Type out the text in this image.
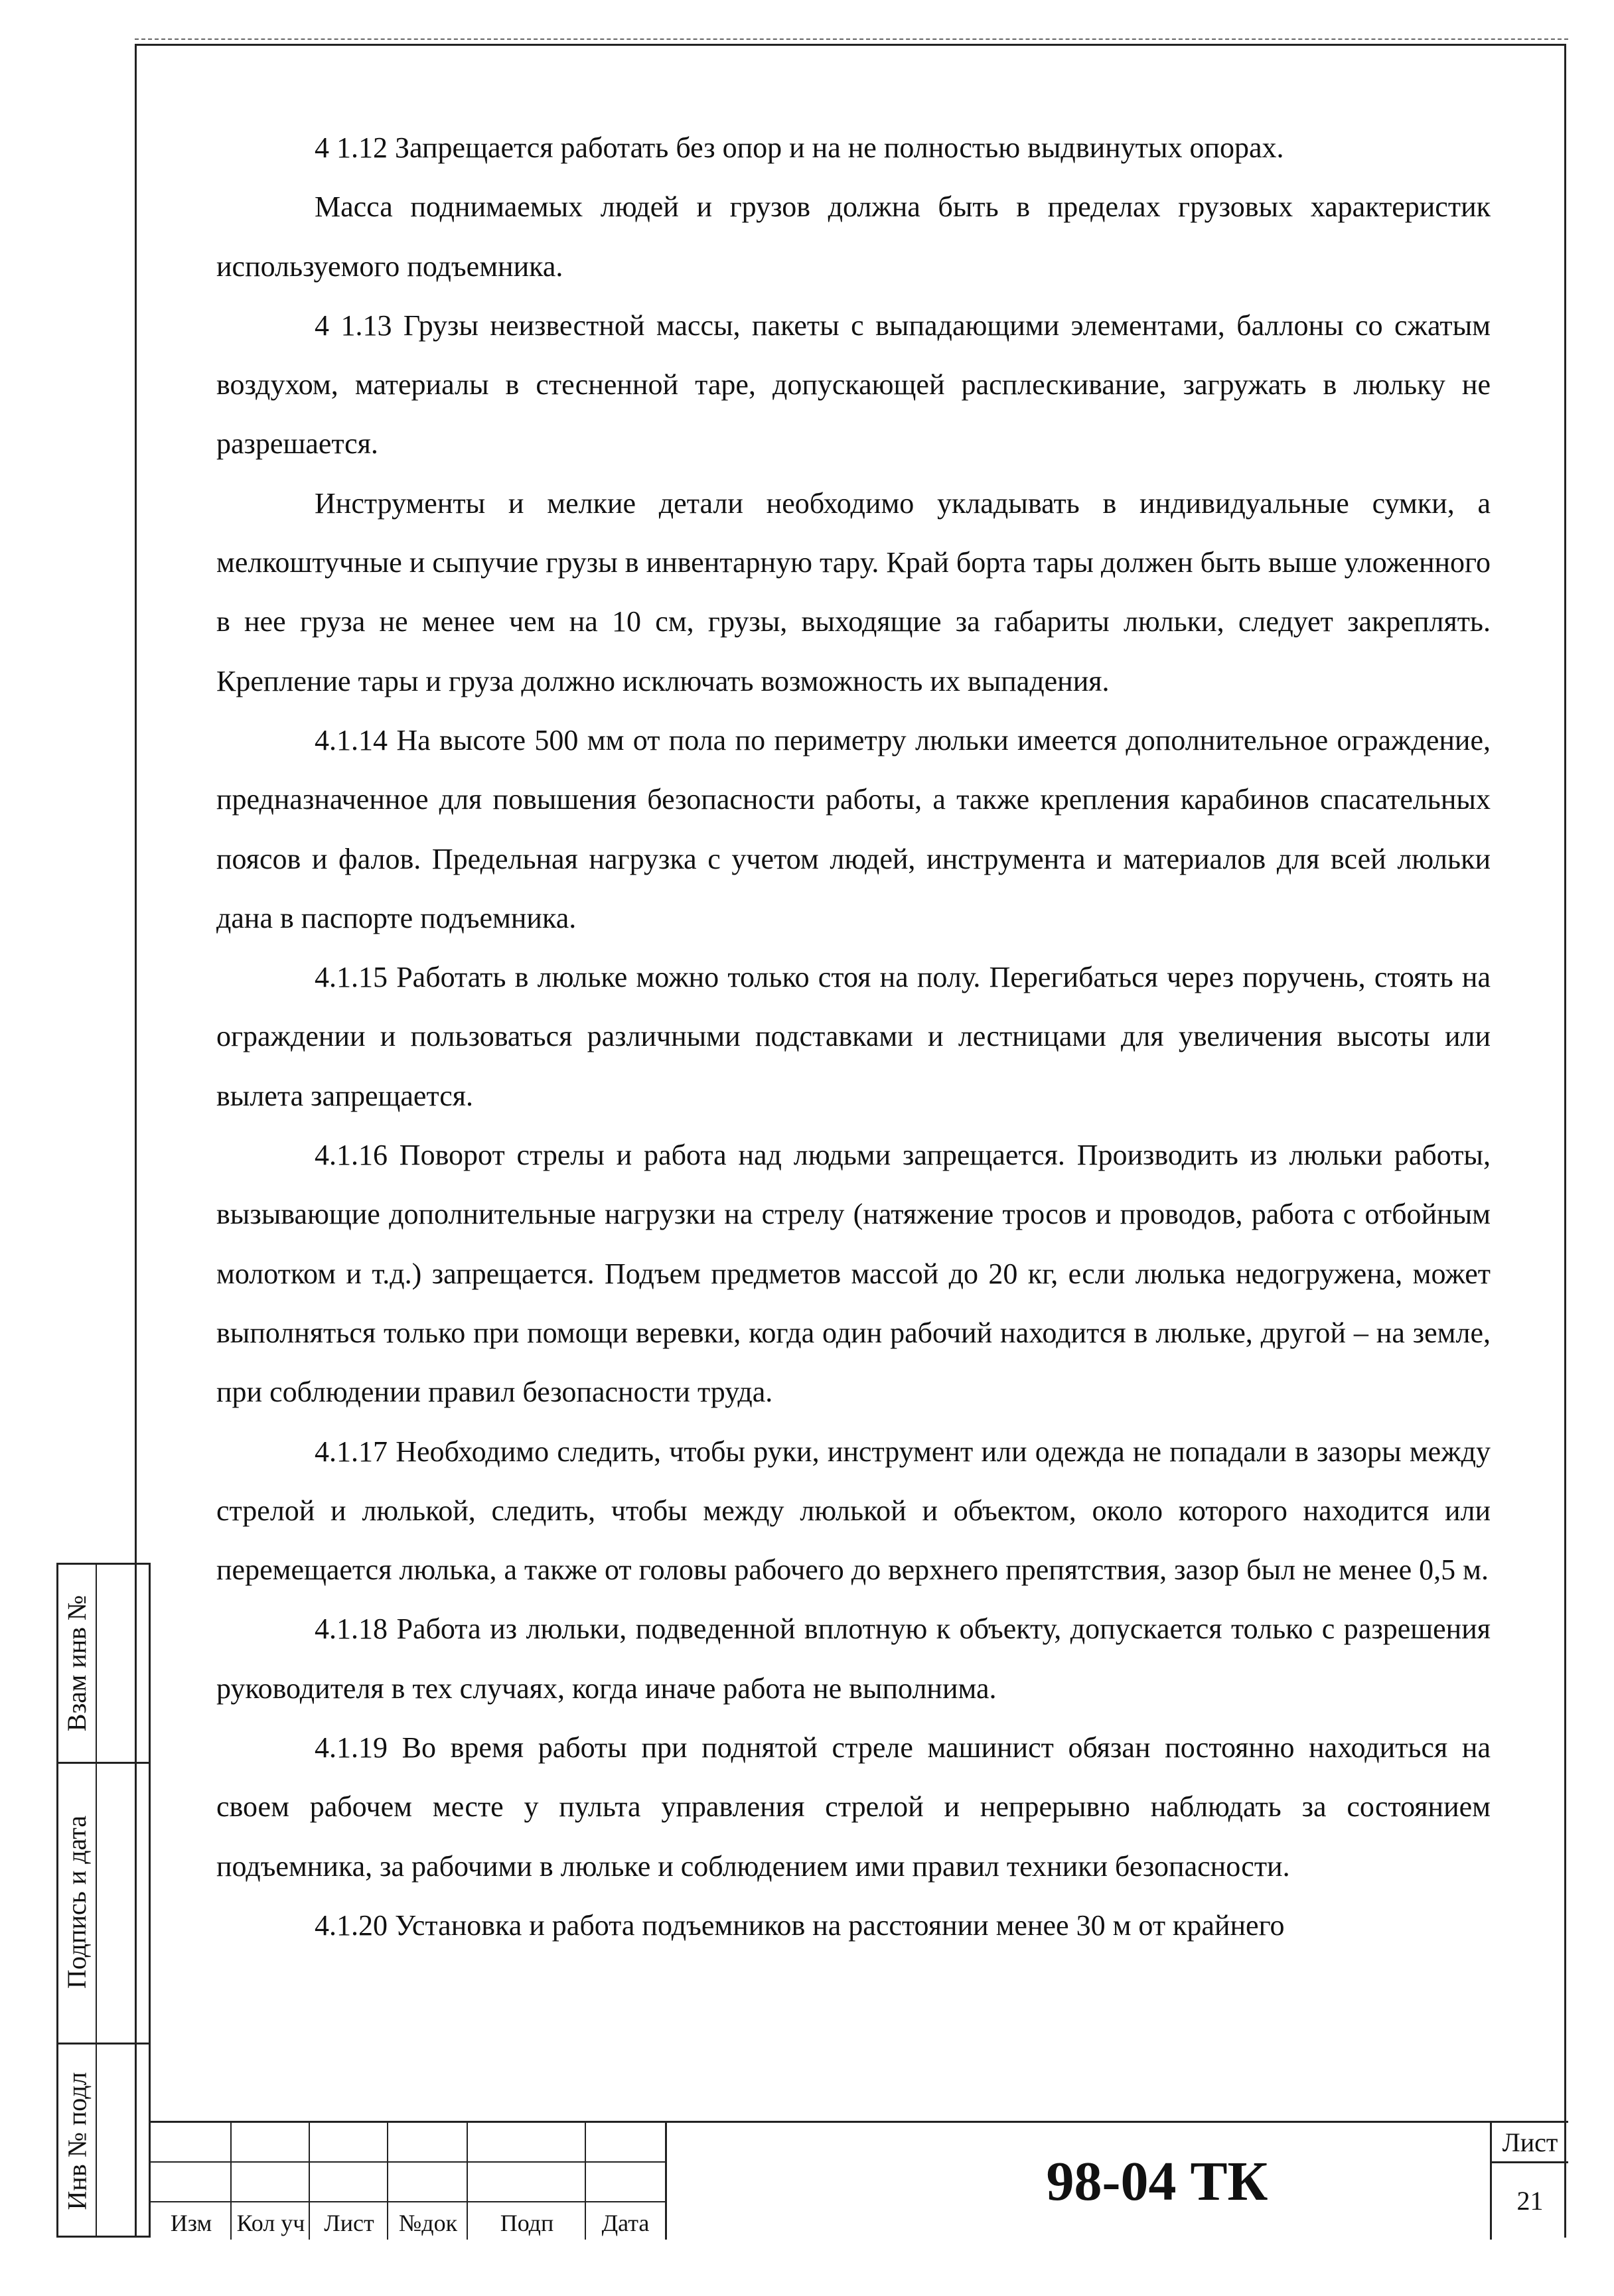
4 1.12 Запрещается работать без опор и на не полностью выдвинутых опорах.

Масса поднимаемых людей и грузов должна быть в пределах грузовых характеристик используемого подъемника.

4 1.13 Грузы неизвестной массы, пакеты с выпадающими элементами, баллоны со сжатым воздухом, материалы в стесненной таре, допускающей расплескивание, загружать в люльку не разрешается.

Инструменты и мелкие детали необходимо укладывать в индивидуальные сумки, а мелкоштучные и сыпучие грузы в инвентарную тару. Край борта тары должен быть выше уложенного в нее груза не менее чем на 10 см, грузы, выходящие за габариты люльки, следует закреплять. Крепление тары и груза должно исключать возможность их выпадения.

4.1.14 На высоте 500 мм от пола по периметру люльки имеется дополнительное ограждение, предназначенное для повышения безопасности работы, а также крепления карабинов спасательных поясов и фалов. Предельная нагрузка с учетом людей, инструмента и материалов для всей люльки дана в паспорте подъемника.

4.1.15 Работать в люльке можно только стоя на полу. Перегибаться через поручень, стоять на ограждении и пользоваться различными подставками и лестницами для увеличения высоты или вылета запрещается.

4.1.16 Поворот стрелы и работа над людьми запрещается. Производить из люльки работы, вызывающие дополнительные нагрузки на стрелу (натяжение тросов и проводов, работа с отбойным молотком и т.д.) запрещается. Подъем предметов массой до 20 кг, если люлька недогружена, может выполняться только при помощи веревки, когда один рабочий находится в люльке, другой – на земле, при соблюдении правил безопасности труда.

4.1.17 Необходимо следить, чтобы руки, инструмент или одежда не попадали в зазоры между стрелой и люлькой, следить, чтобы между люлькой и объектом, около которого находится или перемещается люлька, а также от головы рабочего до верхнего препятствия, зазор был не менее 0,5 м.

4.1.18 Работа из люльки, подведенной вплотную к объекту, допускается только с разрешения руководителя в тех случаях, когда иначе работа не выполнима.

4.1.19 Во время работы при поднятой стреле машинист обязан постоянно находиться на своем рабочем месте у пульта управления стрелой и непрерывно наблюдать за состоянием подъемника, за рабочими в люльке и соблюдением ими правил техники безопасности.

4.1.20 Установка и работа подъемников на расстоянии менее 30 м от крайнего

Взам инв №
Подпись и дата
Инв № подл
Изм	Кол уч Лист	№док	Подп	Дата
98-04 ТК
Лист
21
